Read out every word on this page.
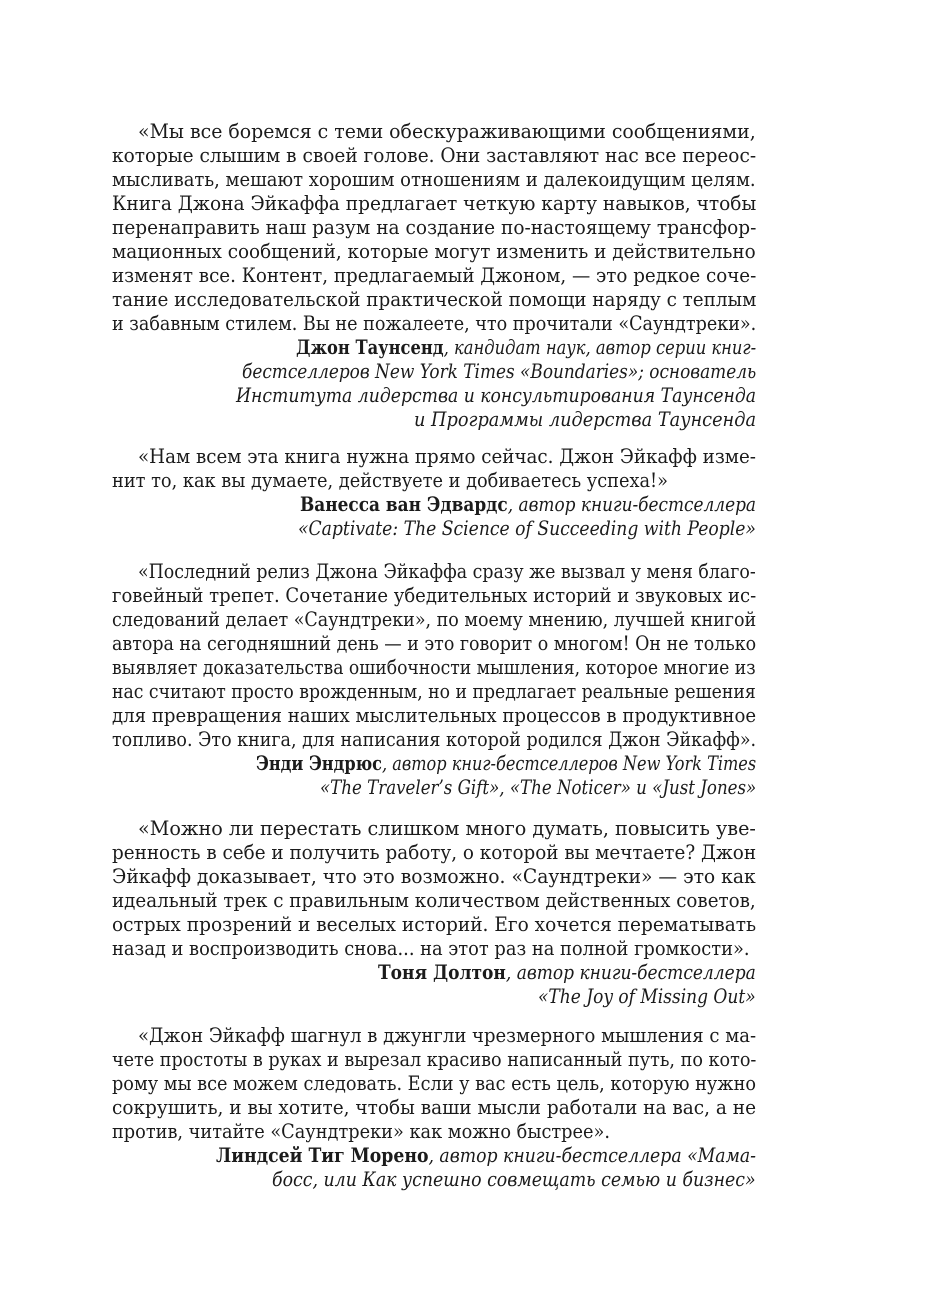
«Мы все боремся с теми обескураживающими сообщениями,
которые слышим в своей голове. Они заставляют нас все переос-
мысливать, мешают хорошим отношениям и далекоидущим целям.
Книга Джона Эйкаффа предлагает четкую карту навыков, чтобы
перенаправить наш разум на создание по-настоящему трансфор-
мационных сообщений, которые могут изменить и действительно
изменят все. Контент, предлагаемый Джоном, — это редкое соче-
тание исследовательской практической помощи наряду с теплым
и забавным стилем. Вы не пожалеете, что прочитали «Саундтреки».
Джон Таунсенд, кандидат наук, автор серии книг-
бестселлеров New York Times «Boundaries»; основатель
Института лидерства и консультирования Таунсенда
и Программы лидерства Таунсенда
«Нам всем эта книга нужна прямо сейчас. Джон Эйкафф изме-
нит то, как вы думаете, действуете и добиваетесь успеха!»
Ванесса ван Эдвардс, автор книги-бестселлера
«Captivate: The Science of Succeeding with People»
«Последний релиз Джона Эйкаффа сразу же вызвал у меня благо-
говейный трепет. Сочетание убедительных историй и звуковых ис-
следований делает «Саундтреки», по моему мнению, лучшей книгой
автора на сегодняшний день — и это говорит о многом! Он не только
выявляет доказательства ошибочности мышления, которое многие из
нас считают просто врожденным, но и предлагает реальные решения
для превращения наших мыслительных процессов в продуктивное
топливо. Это книга, для написания которой родился Джон Эйкафф».
Энди Эндрюс, автор книг-бестселлеров New York Times
«The Traveler’s Gift», «The Noticer» и «Just Jones»
«Можно ли перестать слишком много думать, повысить уве-
ренность в себе и получить работу, о которой вы мечтаете? Джон
Эйкафф доказывает, что это возможно. «Саундтреки» — это как
идеальный трек с правильным количеством действенных советов,
острых прозрений и веселых историй. Его хочется перематывать
назад и воспроизводить снова... на этот раз на полной громкости».
Тоня Долтон, автор книги-бестселлера
«The Joy of Missing Out»
«Джон Эйкафф шагнул в джунгли чрезмерного мышления с ма-
чете простоты в руках и вырезал красиво написанный путь, по кото-
рому мы все можем следовать. Если у вас есть цель, которую нужно
сокрушить, и вы хотите, чтобы ваши мысли работали на вас, а не
против, читайте «Саундтреки» как можно быстрее».
Линдсей Тиг Морено, автор книги-бестселлера «Мама-
босс, или Как успешно совмещать семью и бизнес»
